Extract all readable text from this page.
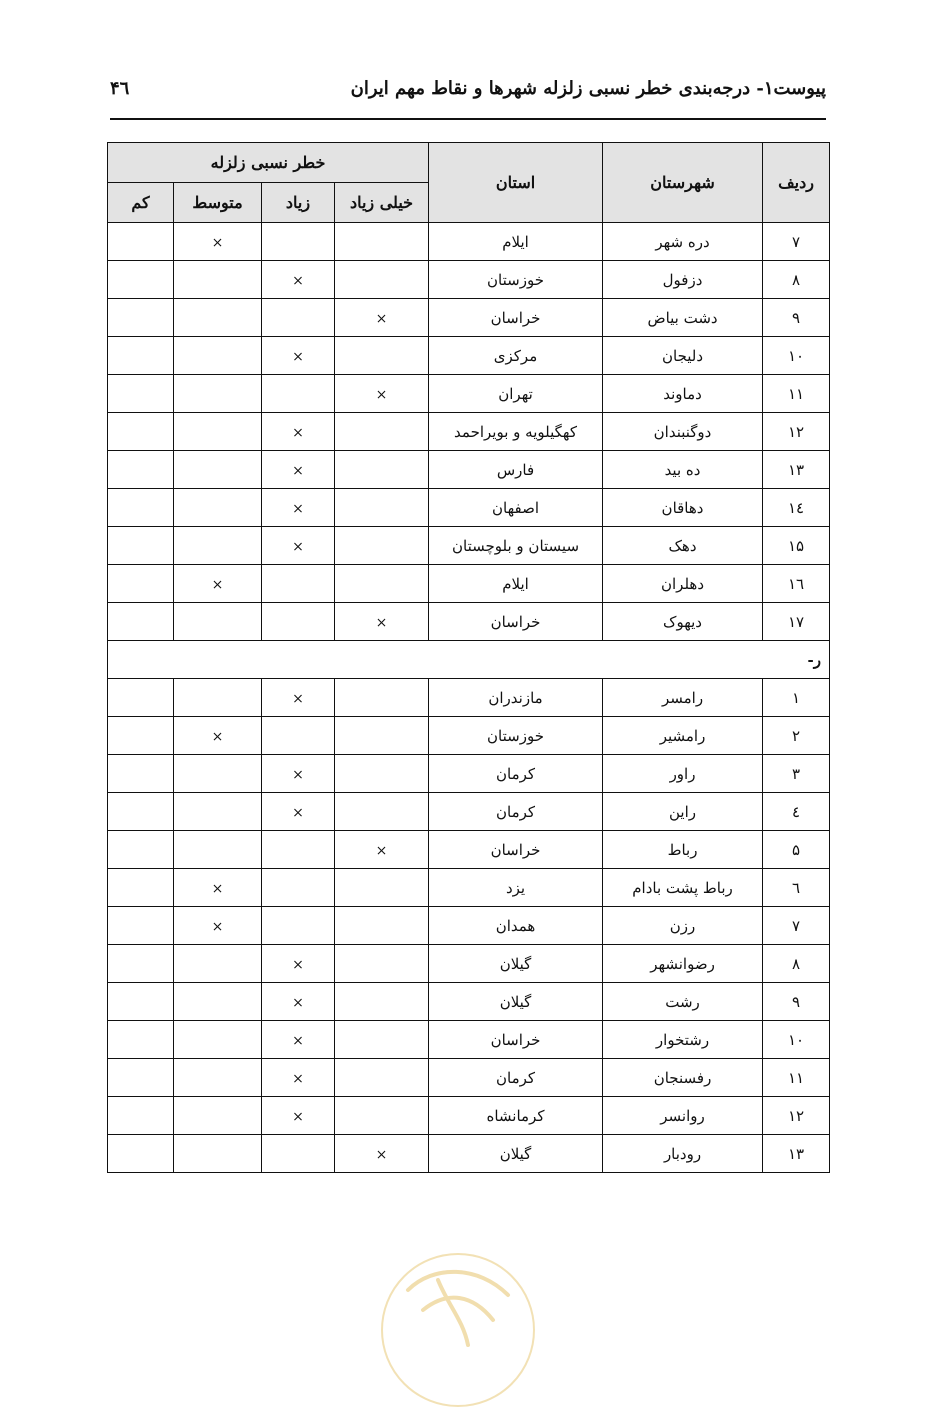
پیوست۱- درجه‌بندی خطر نسبی زلزله شهرها و نقاط مهم ایران
۴٦
ردیف	شهرستان	استان	خطر نسبی زلزله			
			خیلی زیاد	زیاد	متوسط	کم
۷	دره شهر	ایلام			×	
۸	دزفول	خوزستان		×		
۹	دشت بیاض	خراسان	×			
۱۰	دلیجان	مرکزی		×		
۱۱	دماوند	تهران	×			
۱۲	دوگنبندان	کهگیلویه و بویراحمد		×		
۱۳	ده بید	فارس		×		
۱٤	دهاقان	اصفهان		×		
۱۵	دهک	سیستان و بلوچستان		×		
۱٦	دهلران	ایلام			×	
۱۷	دیهوک	خراسان	×			
ر-						
۱	رامسر	مازندران		×		
۲	رامشیر	خوزستان			×	
۳	راور	کرمان		×		
٤	راین	کرمان		×		
۵	رباط	خراسان	×			
٦	رباط پشت بادام	یزد			×	
۷	رزن	همدان			×	
۸	رضوانشهر	گیلان		×		
۹	رشت	گیلان		×		
۱۰	رشتخوار	خراسان		×		
۱۱	رفسنجان	کرمان		×		
۱۲	روانسر	کرمانشاه		×		
۱۳	رودبار	گیلان	×			
